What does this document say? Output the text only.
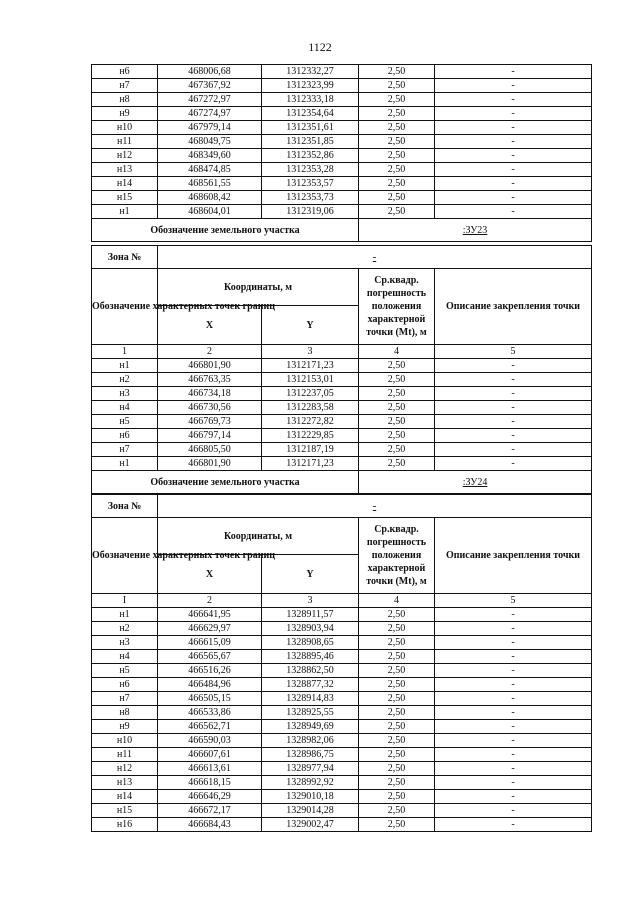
1122
н6	468006,68	1312332,27	2,50	-
н7	467367,92	1312323,99	2,50	-
н8	467272,97	1312333,18	2,50	-
н9	467274,97	1312354,64	2,50	-
н10	467979,14	1312351,61	2,50	-
н11	468049,75	1312351,85	2,50	-
н12	468349,60	1312352,86	2,50	-
н13	468474,85	1312353,28	2,50	-
н14	468561,55	1312353,57	2,50	-
н15	468608,42	1312353,73	2,50	-
н1	468604,01	1312319,06	2,50	-
Обозначение земельного участка			:ЗУ23	
Зона №	-			
Обозначение характерных точек границ	Координаты, м		Ср.квадр. погрешность положения характерной точки (Мt), м	Описание закрепления точки
	X	Y		
1	2	3	4	5
н1	466801,90	1312171,23	2,50	-
н2	466763,35	1312153,01	2,50	-
н3	466734,18	1312237,05	2,50	-
н4	466730,56	1312283,58	2,50	-
н5	466769,73	1312272,82	2,50	-
н6	466797,14	1312229,85	2,50	-
н7	466805,50	1312187,19	2,50	-
н1	466801,90	1312171,23	2,50	-
Обозначение земельного участка			:ЗУ24	
Зона №	-			
Обозначение характерных точек границ	Координаты, м		Ср.квадр. погрешность положения характерной точки (Мt), м	Описание закрепления точки
	X	Y		
I	2	3	4	5
н1	466641,95	1328911,57	2,50	-
н2	466629,97	1328903,94	2,50	-
н3	466615,09	1328908,65	2,50	-
н4	466565,67	1328895,46	2,50	-
н5	466516,26	1328862,50	2,50	-
н6	466484,96	1328877,32	2,50	-
н7	466505,15	1328914,83	2,50	-
н8	466533,86	1328925,55	2,50	-
н9	466562,71	1328949,69	2,50	-
н10	466590,03	1328982,06	2,50	-
н11	466607,61	1328986,75	2,50	-
н12	466613,61	1328977,94	2,50	-
н13	466618,15	1328992,92	2,50	-
н14	466646,29	1329010,18	2,50	-
н15	466672,17	1329014,28	2,50	-
н16	466684,43	1329002,47	2,50	-
